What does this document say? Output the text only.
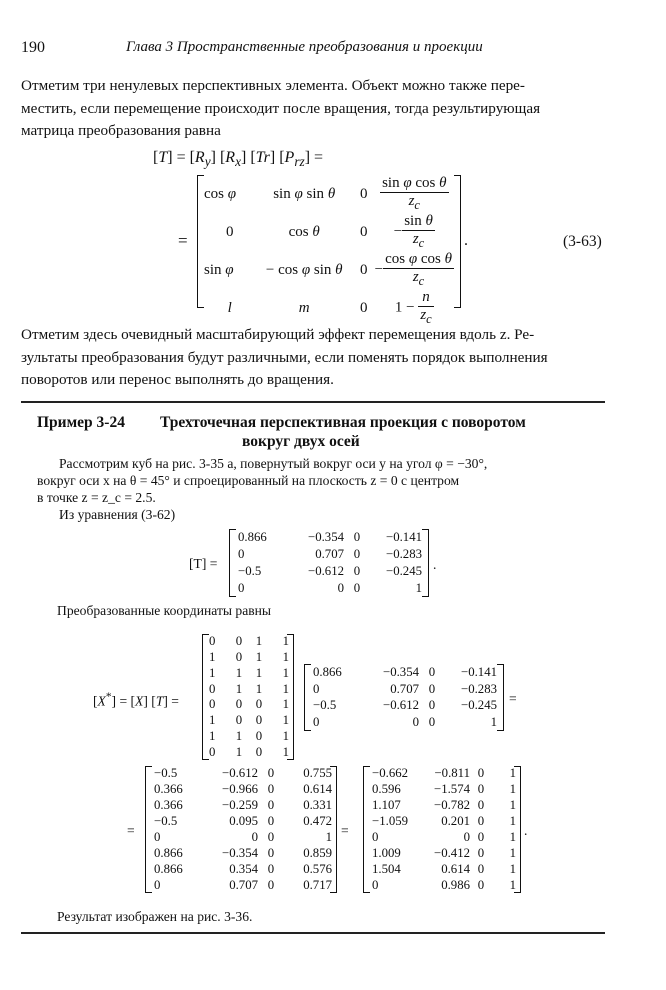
190	Глава 3 Пространственные преобразования и проекции

Отметим три ненулевых перспективных элемента. Объект можно также пере-
местить, если перемещение происходит после вращения, тогда результирующая
матрица преобразования равна

$[T] = [R_y]$ $[R_x]$ [Tr] $[P_{rz}]$ =
=
cos φ	sin φ sin θ	0	$\frac{\text{sin φ cos θ}}{z_c}$

0	cos θ	0	− $\frac{\text{sin θ}}{z_c}$

sin φ	− cos φ sin θ	0	− $\frac{\text{cos φ cos θ}}{z_c}$

l	m	0	$1 - \frac{n}{z_c}$
.	(3-63)

Отметим здесь очевидный масштабирующий эффект перемещения вдоль z. Ре-
зультаты преобразования будут различными, если поменять порядок выполнения
поворотов или перенос выполнять до вращения.

Пример 3-24 Трехточечная перспективная проекция с поворотом
вокруг двух осей
Рассмотрим куб на рис. 3-35 a, повернутый вокруг оси y на угол φ = −30°,
вокруг оси x на θ = 45° и спроецированный на плоскость z = 0 с центром
в точке z = z_c = 2.5.
Из уравнения (3-62)
[T] =
0.866	−0.354	0	−0.141
0	0.707	0	−0.283
−0.5	−0.612	0	−0.245
0	0	0	1
.
Преобразованные координаты равны
[X*] = [X] [T] =
0	0	1	1
1	0	1	1
1	1	1	1
0	1	1	1
0	0	0	1
1	0	0	1
1	1	0	1
0	1	0	1
0.866	−0.354	0	−0.141
0	0.707	0	−0.283
−0.5	−0.612	0	−0.245
0	0	0	1
=
=
−0.5	−0.612	0	0.755
0.366	−0.966	0	0.614
0.366	−0.259	0	0.331
−0.5	0.095	0	0.472
0	0	0	1
0.866	−0.354	0	0.859
0.866	0.354	0	0.576
0	0.707	0	0.717
=
−0.662	−0.811	0	1
0.596	−1.574	0	1
1.107	−0.782	0	1
−1.059	0.201	0	1
0	0	0	1
1.009	−0.412	0	1
1.504	0.614	0	1
0	0.986	0	1
.
Результат изображен на рис. 3-36.
